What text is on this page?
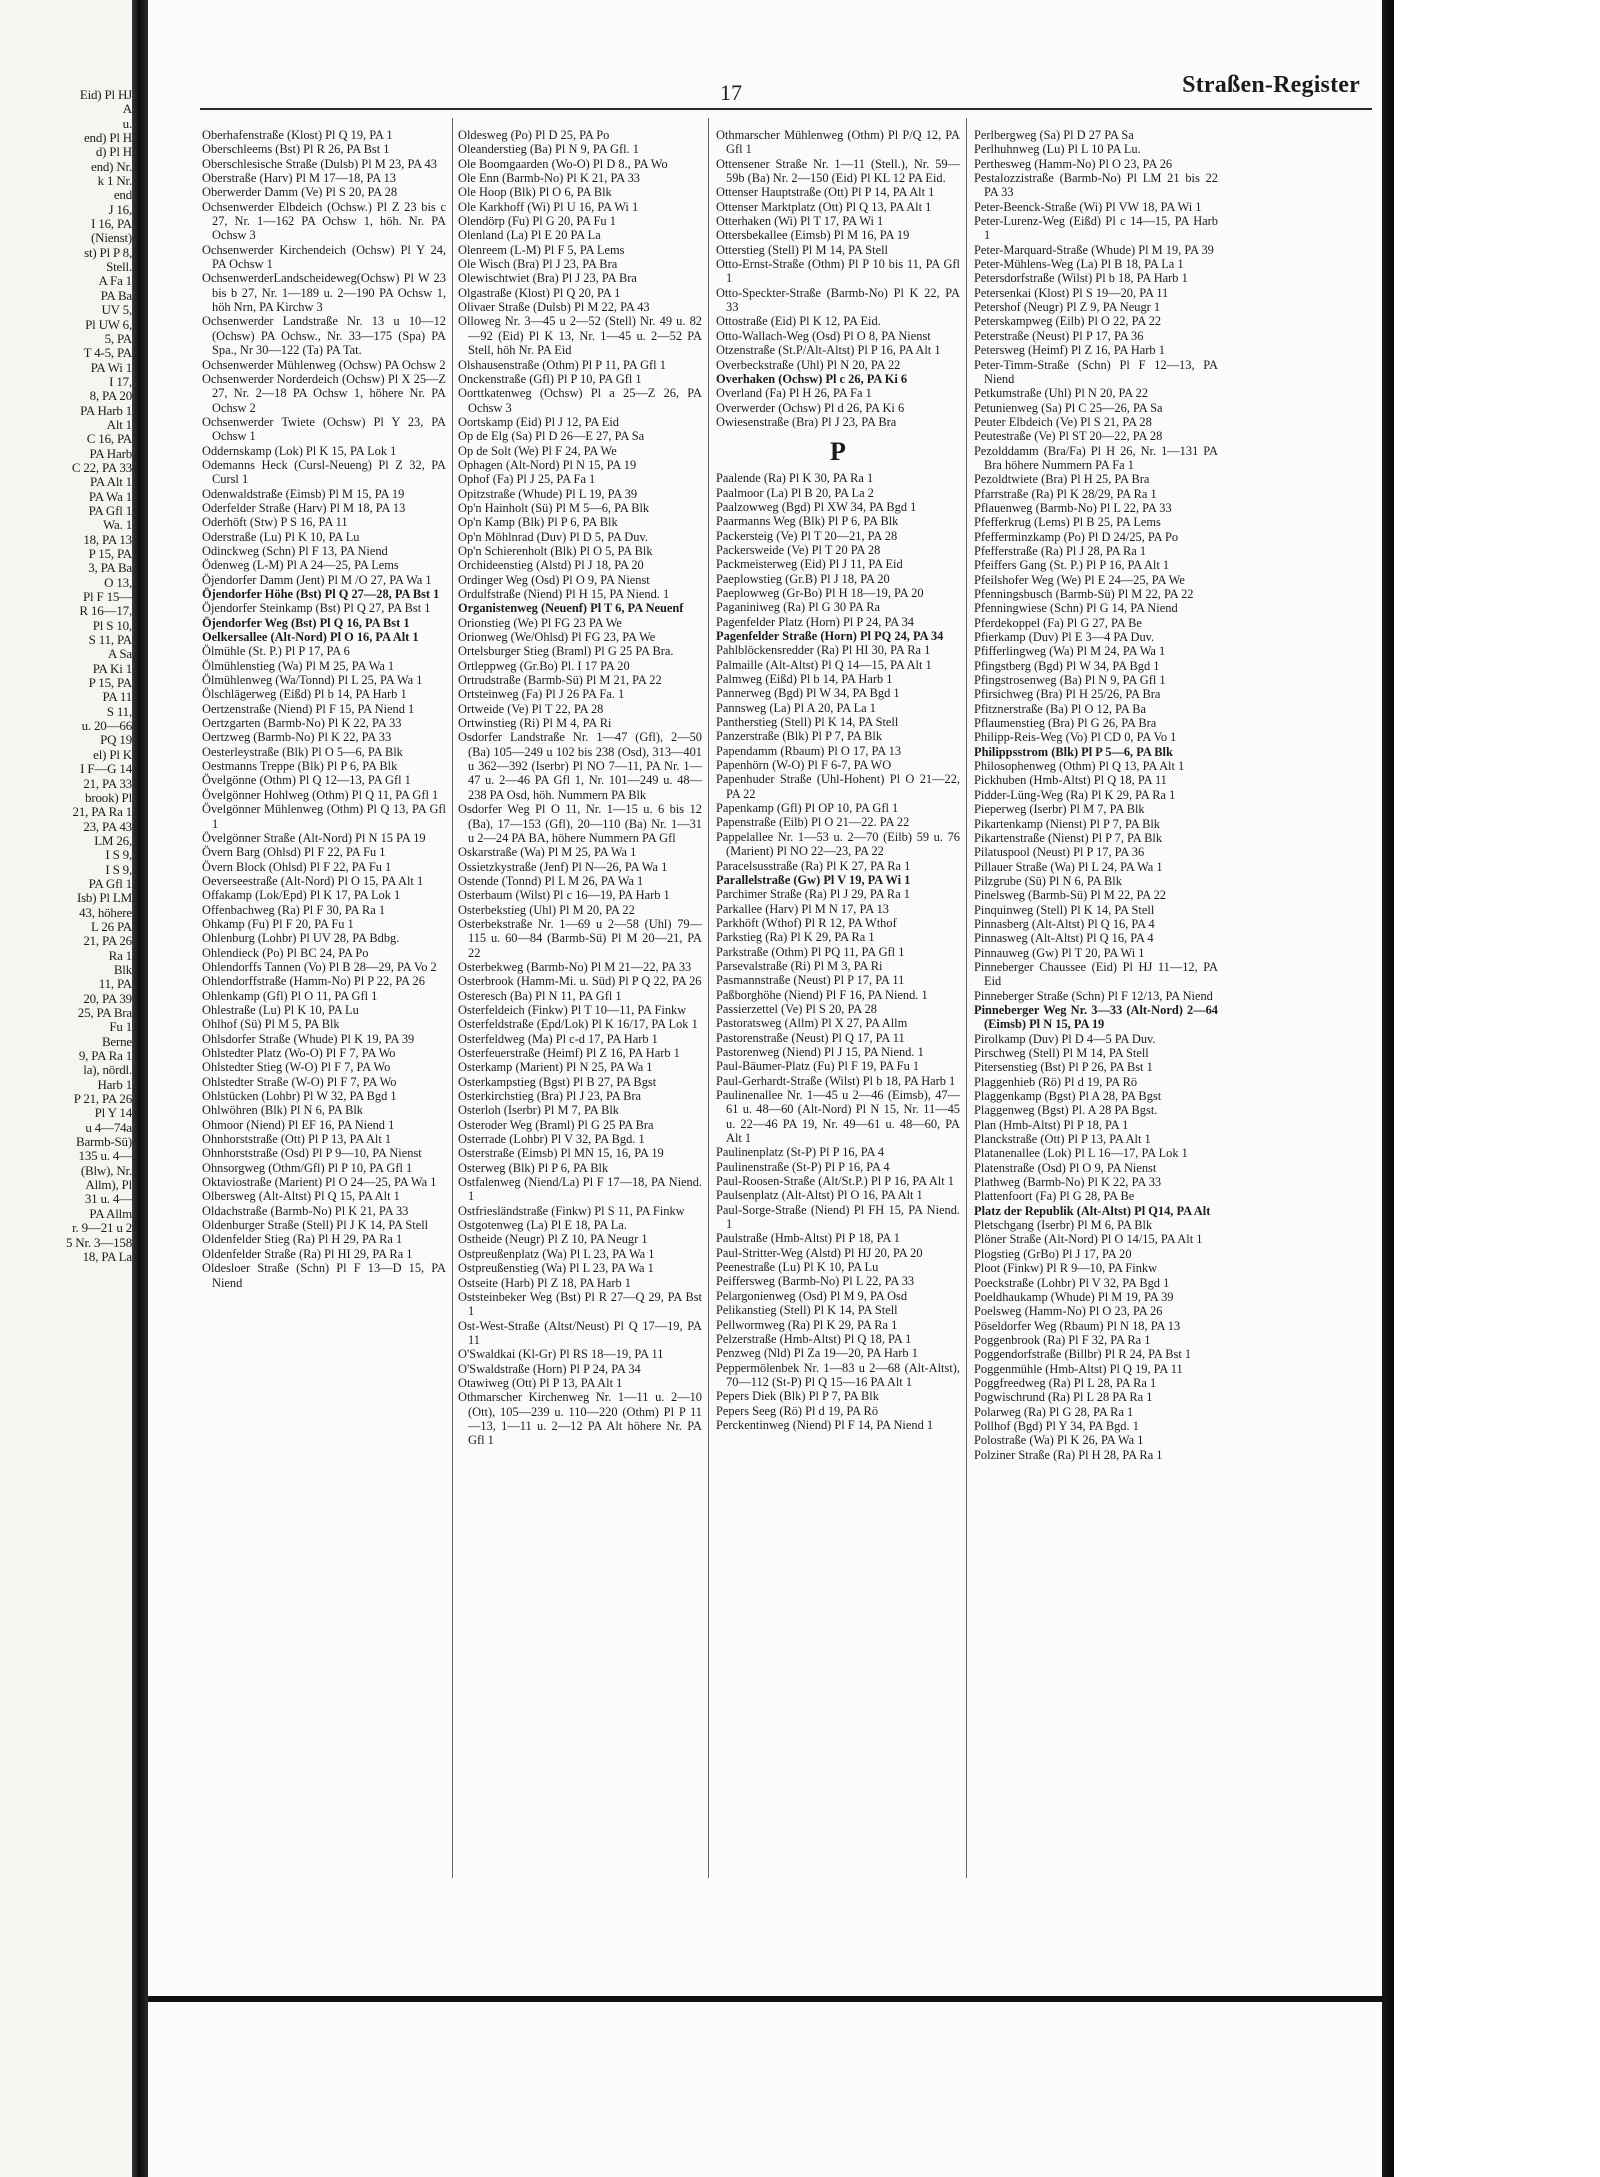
Eid) Pl HJ
A
u.
end) Pl H
d) Pl H
end) Nr.
k 1 Nr.
end
J 16,
I 16, PA
(Nienst)
st) Pl P 8,
Stell.
A Fa 1
PA Ba
UV 5,
Pl UW 6,
5, PA
T 4-5, PA
PA Wi 1
I 17,
8, PA 20
PA Harb 1
Alt 1
C 16, PA
PA Harb
C 22, PA 33
PA Alt 1
PA Wa 1
PA Gfl 1
Wa. 1
18, PA 13
P 15, PA
3, PA Ba
O 13,
Pl F 15—
R 16—17,
Pl S 10,
S 11, PA
A Sa
PA Ki 1
P 15, PA
PA 11
S 11,
u. 20—66
PQ 19
el) Pl K
I F—G 14
21, PA 33
brook) Pl
21, PA Ra 1
23, PA 43
LM 26,
I S 9,
I S 9,
PA Gfl 1
Isb) Pl LM
43, höhere
L 26 PA
21, PA 26
Ra 1
Blk
11, PA
20, PA 39
25, PA Bra
Fu 1
Berne
9, PA Ra 1
la), nördl.
Harb 1
P 21, PA 26
Pl Y 14
u 4—74a
Barmb-Sü)
135 u. 4—
(Blw), Nr.
Allm), Pl
31 u. 4—
PA Allm
r. 9—21 u 2
5 Nr. 3—158
18, PA La
17	Straßen-Register
Oberhafenstraße (Klost) Pl Q 19, PA 1
Oberschleems (Bst) Pl R 26, PA Bst 1
Oberschlesische Straße (Dulsb) Pl M 23, PA 43
Oberstraße (Harv) Pl M 17—18, PA 13
Oberwerder Damm (Ve) Pl S 20, PA 28
Ochsenwerder Elbdeich (Ochsw.) Pl Z 23 bis c 27, Nr. 1—162 PA Ochsw 1, höh. Nr. PA Ochsw 3
Ochsenwerder Kirchendeich (Ochsw) Pl Y 24, PA Ochsw 1
OchsenwerderLandscheideweg(Ochsw) Pl W 23 bis b 27, Nr. 1—189 u. 2—190 PA Ochsw 1, höh Nrn, PA Kirchw 3
Ochsenwerder Landstraße Nr. 13 u 10—12 (Ochsw) PA Ochsw., Nr. 33—175 (Spa) PA Spa., Nr 30—122 (Ta) PA Tat.
Ochsenwerder Mühlenweg (Ochsw) PA Ochsw 2
Ochsenwerder Norderdeich (Ochsw) Pl X 25—Z 27, Nr. 2—18 PA Ochsw 1, höhere Nr. PA Ochsw 2
Ochsenwerder Twiete (Ochsw) Pl Y 23, PA Ochsw 1
Oddernskamp (Lok) Pl K 15, PA Lok 1
Odemanns Heck (Cursl-Neueng) Pl Z 32, PA Cursl 1
Odenwaldstraße (Eimsb) Pl M 15, PA 19
Oderfelder Straße (Harv) Pl M 18, PA 13
Oderhöft (Stw) P S 16, PA 11
Oderstraße (Lu) Pl K 10, PA Lu
Odinckweg (Schn) Pl F 13, PA Niend
Ödenweg (L-M) Pl A 24—25, PA Lems
Öjendorfer Damm (Jent) Pl M /O 27, PA Wa 1
Öjendorfer Höhe (Bst) Pl Q 27—28, PA Bst 1
Öjendorfer Steinkamp (Bst) Pl Q 27, PA Bst 1
Öjendorfer Weg (Bst) Pl Q 16, PA Bst 1
Oelkersallee (Alt-Nord) Pl O 16, PA Alt 1
Ölmühle (St. P.) Pl P 17, PA 6
Ölmühlenstieg (Wa) Pl M 25, PA Wa 1
Ölmühlenweg (Wa/Tonnd) Pl L 25, PA Wa 1
Ölschlägerweg (Eißd) Pl b 14, PA Harb 1
Oertzenstraße (Niend) Pl F 15, PA Niend 1
Oertzgarten (Barmb-No) Pl K 22, PA 33
Oertzweg (Barmb-No) Pl K 22, PA 33
Oesterleystraße (Blk) Pl O 5—6, PA Blk
Oestmanns Treppe (Blk) Pl P 6, PA Blk
Övelgönne (Othm) Pl Q 12—13, PA Gfl 1
Övelgönner Hohlweg (Othm) Pl Q 11, PA Gfl 1
Övelgönner Mühlenweg (Othm) Pl Q 13, PA Gfl 1
Övelgönner Straße (Alt-Nord) Pl N 15 PA 19
Övern Barg (Ohlsd) Pl F 22, PA Fu 1
Övern Block (Ohlsd) Pl F 22, PA Fu 1
Oeverseestraße (Alt-Nord) Pl O 15, PA Alt 1
Offakamp (Lok/Epd) Pl K 17, PA Lok 1
Offenbachweg (Ra) Pl F 30, PA Ra 1
Ohkamp (Fu) Pl F 20, PA Fu 1
Ohlenburg (Lohbr) Pl UV 28, PA Bdbg.
Ohlendieck (Po) Pl BC 24, PA Po
Ohlendorffs Tannen (Vo) Pl B 28—29, PA Vo 2
Ohlendorffstraße (Hamm-No) Pl P 22, PA 26
Ohlenkamp (Gfl) Pl O 11, PA Gfl 1
Ohlestraße (Lu) Pl K 10, PA Lu
Ohlhof (Sü) Pl M 5, PA Blk
Ohlsdorfer Straße (Whude) Pl K 19, PA 39
Ohlstedter Platz (Wo-O) Pl F 7, PA Wo
Ohlstedter Stieg (W-O) Pl F 7, PA Wo
Ohlstedter Straße (W-O) Pl F 7, PA Wo
Ohlstücken (Lohbr) Pl W 32, PA Bgd 1
Ohlwöhren (Blk) Pl N 6, PA Blk
Ohmoor (Niend) Pl EF 16, PA Niend 1
Ohnhorststraße (Ott) Pl P 13, PA Alt 1
Ohnhorststraße (Osd) Pl P 9—10, PA Nienst
Ohnsorgweg (Othm/Gfl) Pl P 10, PA Gfl 1
Oktaviostraße (Marient) Pl O 24—25, PA Wa 1
Olbersweg (Alt-Altst) Pl Q 15, PA Alt 1
Oldachstraße (Barmb-No) Pl K 21, PA 33
Oldenburger Straße (Stell) Pl J K 14, PA Stell
Oldenfelder Stieg (Ra) Pl H 29, PA Ra 1
Oldenfelder Straße (Ra) Pl HI 29, PA Ra 1
Oldesloer Straße (Schn) Pl F 13—D 15, PA Niend
Oldesweg (Po) Pl D 25, PA Po
Oleanderstieg (Ba) Pl N 9, PA Gfl. 1
Ole Boomgaarden (Wo-O) Pl D 8., PA Wo
Ole Enn (Barmb-No) Pl K 21, PA 33
Ole Hoop (Blk) Pl O 6, PA Blk
Ole Karkhoff (Wi) Pl U 16, PA Wi 1
Olendörp (Fu) Pl G 20, PA Fu 1
Olenland (La) Pl E 20 PA La
Olenreem (L-M) Pl F 5, PA Lems
Ole Wisch (Bra) Pl J 23, PA Bra
Olewischtwiet (Bra) Pl J 23, PA Bra
Olgastraße (Klost) Pl Q 20, PA 1
Olivaer Straße (Dulsb) Pl M 22, PA 43
Olloweg Nr. 3—45 u 2—52 (Stell) Nr. 49 u. 82—92 (Eid) Pl K 13, Nr. 1—45 u. 2—52 PA Stell, höh Nr. PA Eid
Olshausenstraße (Othm) Pl P 11, PA Gfl 1
Onckenstraße (Gfl) Pl P 10, PA Gfl 1
Oorttkatenweg (Ochsw) Pl a 25—Z 26, PA Ochsw 3
Oortskamp (Eid) Pl J 12, PA Eid
Op de Elg (Sa) Pl D 26—E 27, PA Sa
Op de Solt (We) Pl F 24, PA We
Ophagen (Alt-Nord) Pl N 15, PA 19
Ophof (Fa) Pl J 25, PA Fa 1
Opitzstraße (Whude) Pl L 19, PA 39
Op'n Hainholt (Sü) Pl M 5—6, PA Blk
Op'n Kamp (Blk) Pl P 6, PA Blk
Op'n Möhlnrad (Duv) Pl D 5, PA Duv.
Op'n Schierenholt (Blk) Pl O 5, PA Blk
Orchideenstieg (Alstd) Pl J 18, PA 20
Ordinger Weg (Osd) Pl O 9, PA Nienst
Ordulfstraße (Niend) Pl H 15, PA Niend. 1
Organistenweg (Neuenf) Pl T 6, PA Neuenf
Orionstieg (We) Pl FG 23 PA We
Orionweg (We/Ohlsd) Pl FG 23, PA We
Ortelsburger Stieg (Braml) Pl G 25 PA Bra.
Ortleppweg (Gr.Bo) Pl. I 17 PA 20
Ortrudstraße (Barmb-Sü) Pl M 21, PA 22
Ortsteinweg (Fa) Pl J 26 PA Fa. 1
Ortweide (Ve) Pl T 22, PA 28
Ortwinstieg (Ri) Pl M 4, PA Ri
Osdorfer Landstraße Nr. 1—47 (Gfl), 2—50 (Ba) 105—249 u 102 bis 238 (Osd), 313—401 u 362—392 (Iserbr) Pl NO 7—11, PA Nr. 1—47 u. 2—46 PA Gfl 1, Nr. 101—249 u. 48—238 PA Osd, höh. Nummern PA Blk
Osdorfer Weg Pl O 11, Nr. 1—15 u. 6 bis 12 (Ba), 17—153 (Gfl), 20—110 (Ba) Nr. 1—31 u 2—24 PA BA, höhere Nummern PA Gfl
Oskarstraße (Wa) Pl M 25, PA Wa 1
Ossietzkystraße (Jenf) Pl N—26, PA Wa 1
Ostende (Tonnd) Pl L M 26, PA Wa 1
Osterbaum (Wilst) Pl c 16—19, PA Harb 1
Osterbekstieg (Uhl) Pl M 20, PA 22
Osterbekstraße Nr. 1—69 u 2—58 (Uhl) 79—115 u. 60—84 (Barmb-Sü) Pl M 20—21, PA 22
Osterbekweg (Barmb-No) Pl M 21—22, PA 33
Osterbrook (Hamm-Mi. u. Süd) Pl P Q 22, PA 26
Osteresch (Ba) Pl N 11, PA Gfl 1
Osterfeldeich (Finkw) Pl T 10—11, PA Finkw
Osterfeldstraße (Epd/Lok) Pl K 16/17, PA Lok 1
Osterfeldweg (Ma) Pl c-d 17, PA Harb 1
Osterfeuerstraße (Heimf) Pl Z 16, PA Harb 1
Osterkamp (Marient) Pl N 25, PA Wa 1
Osterkampstieg (Bgst) Pl B 27, PA Bgst
Osterkirchstieg (Bra) Pl J 23, PA Bra
Osterloh (Iserbr) Pl M 7, PA Blk
Osteroder Weg (Braml) Pl G 25 PA Bra
Osterrade (Lohbr) Pl V 32, PA Bgd. 1
Osterstraße (Eimsb) Pl MN 15, 16, PA 19
Osterweg (Blk) Pl P 6, PA Blk
Ostfalenweg (Niend/La) Pl F 17—18, PA Niend. 1
Ostfriesländstraße (Finkw) Pl S 11, PA Finkw
Ostgotenweg (La) Pl E 18, PA La.
Ostheide (Neugr) Pl Z 10, PA Neugr 1
Ostpreußenplatz (Wa) Pl L 23, PA Wa 1
Ostpreußenstieg (Wa) Pl L 23, PA Wa 1
Ostseite (Harb) Pl Z 18, PA Harb 1
Oststeinbeker Weg (Bst) Pl R 27—Q 29, PA Bst 1
Ost-West-Straße (Altst/Neust) Pl Q 17—19, PA 11
O'Swaldkai (Kl-Gr) Pl RS 18—19, PA 11
O'Swaldstraße (Horn) Pl P 24, PA 34
Otawiweg (Ott) Pl P 13, PA Alt 1
Othmarscher Kirchenweg Nr. 1—11 u. 2—10 (Ott), 105—239 u. 110—220 (Othm) Pl P 11—13, 1—11 u. 2—12 PA Alt höhere Nr. PA Gfl 1
Othmarscher Mühlenweg (Othm) Pl P/Q 12, PA Gfl 1
Ottensener Straße Nr. 1—11 (Stell.), Nr. 59—59b (Ba) Nr. 2—150 (Eid) Pl KL 12 PA Eid.
Ottenser Hauptstraße (Ott) Pl P 14, PA Alt 1
Ottenser Marktplatz (Ott) Pl Q 13, PA Alt 1
Otterhaken (Wi) Pl T 17, PA Wi 1
Ottersbekallee (Eimsb) Pl M 16, PA 19
Otterstieg (Stell) Pl M 14, PA Stell
Otto-Ernst-Straße (Othm) Pl P 10 bis 11, PA Gfl 1
Otto-Speckter-Straße (Barmb-No) Pl K 22, PA 33
Ottostraße (Eid) Pl K 12, PA Eid.
Otto-Wallach-Weg (Osd) Pl O 8, PA Nienst
Otzenstraße (St.P/Alt-Altst) Pl P 16, PA Alt 1
Overbeckstraße (Uhl) Pl N 20, PA 22
Overhaken (Ochsw) Pl c 26, PA Ki 6
Overland (Fa) Pl H 26, PA Fa 1
Overwerder (Ochsw) Pl d 26, PA Ki 6
Owiesenstraße (Bra) Pl J 23, PA Bra
P
Paalende (Ra) Pl K 30, PA Ra 1
Paalmoor (La) Pl B 20, PA La 2
Paalzowweg (Bgd) Pl XW 34, PA Bgd 1
Paarmanns Weg (Blk) Pl P 6, PA Blk
Packersteig (Ve) Pl T 20—21, PA 28
Packersweide (Ve) Pl T 20 PA 28
Packmeisterweg (Eid) Pl J 11, PA Eid
Paeplowstieg (Gr.B) Pl J 18, PA 20
Paeplowweg (Gr-Bo) Pl H 18—19, PA 20
Paganiniweg (Ra) Pl G 30 PA Ra
Pagenfelder Platz (Horn) Pl P 24, PA 34
Pagenfelder Straße (Horn) Pl PQ 24, PA 34
Pahlblöckensredder (Ra) Pl HI 30, PA Ra 1
Palmaille (Alt-Altst) Pl Q 14—15, PA Alt 1
Palmweg (Eißd) Pl b 14, PA Harb 1
Pannerweg (Bgd) Pl W 34, PA Bgd 1
Pannsweg (La) Pl A 20, PA La 1
Pantherstieg (Stell) Pl K 14, PA Stell
Panzerstraße (Blk) Pl P 7, PA Blk
Papendamm (Rbaum) Pl O 17, PA 13
Papenhörn (W-O) Pl F 6-7, PA WO
Papenhuder Straße (Uhl-Hohent) Pl O 21—22, PA 22
Papenkamp (Gfl) Pl OP 10, PA Gfl 1
Papenstraße (Eilb) Pl O 21—22. PA 22
Pappelallee Nr. 1—53 u. 2—70 (Eilb) 59 u. 76 (Marient) Pl NO 22—23, PA 22
Paracelsusstraße (Ra) Pl K 27, PA Ra 1
Parallelstraße (Gw) Pl V 19, PA Wi 1
Parchimer Straße (Ra) Pl J 29, PA Ra 1
Parkallee (Harv) Pl M N 17, PA 13
Parkhöft (Wthof) Pl R 12, PA Wthof
Parkstieg (Ra) Pl K 29, PA Ra 1
Parkstraße (Othm) Pl PQ 11, PA Gfl 1
Parsevalstraße (Ri) Pl M 3, PA Ri
Pasmannstraße (Neust) Pl P 17, PA 11
Paßborghöhe (Niend) Pl F 16, PA Niend. 1
Passierzettel (Ve) Pl S 20, PA 28
Pastoratsweg (Allm) Pl X 27, PA Allm
Pastorenstraße (Neust) Pl Q 17, PA 11
Pastorenweg (Niend) Pl J 15, PA Niend. 1
Paul-Bäumer-Platz (Fu) Pl F 19, PA Fu 1
Paul-Gerhardt-Straße (Wilst) Pl b 18, PA Harb 1
Paulinenallee Nr. 1—45 u 2—46 (Eimsb), 47—61 u. 48—60 (Alt-Nord) Pl N 15, Nr. 11—45 u. 22—46 PA 19, Nr. 49—61 u. 48—60, PA Alt 1
Paulinenplatz (St-P) Pl P 16, PA 4
Paulinenstraße (St-P) Pl P 16, PA 4
Paul-Roosen-Straße (Alt/St.P.) Pl P 16, PA Alt 1
Paulsenplatz (Alt-Altst) Pl O 16, PA Alt 1
Paul-Sorge-Straße (Niend) Pl FH 15, PA Niend. 1
Paulstraße (Hmb-Altst) Pl P 18, PA 1
Paul-Stritter-Weg (Alstd) Pl HJ 20, PA 20
Peenestraße (Lu) Pl K 10, PA Lu
Peiffersweg (Barmb-No) Pl L 22, PA 33
Pelargonienweg (Osd) Pl M 9, PA Osd
Pelikanstieg (Stell) Pl K 14, PA Stell
Pellwormweg (Ra) Pl K 29, PA Ra 1
Pelzerstraße (Hmb-Altst) Pl Q 18, PA 1
Penzweg (Nld) Pl Za 19—20, PA Harb 1
Peppermölenbek Nr. 1—83 u 2—68 (Alt-Altst), 70—112 (St-P) Pl Q 15—16 PA Alt 1
Pepers Diek (Blk) Pl P 7, PA Blk
Pepers Seeg (Rö) Pl d 19, PA Rö
Perckentinweg (Niend) Pl F 14, PA Niend 1
Perlbergweg (Sa) Pl D 27 PA Sa
Perlhuhnweg (Lu) Pl L 10 PA Lu.
Perthesweg (Hamm-No) Pl O 23, PA 26
Pestalozzistraße (Barmb-No) Pl LM 21 bis 22 PA 33
Peter-Beenck-Straße (Wi) Pl VW 18, PA Wi 1
Peter-Lurenz-Weg (Eißd) Pl c 14—15, PA Harb 1
Peter-Marquard-Straße (Whude) Pl M 19, PA 39
Peter-Mühlens-Weg (La) Pl B 18, PA La 1
Petersdorfstraße (Wilst) Pl b 18, PA Harb 1
Petersenkai (Klost) Pl S 19—20, PA 11
Petershof (Neugr) Pl Z 9, PA Neugr 1
Peterskampweg (Eilb) Pl O 22, PA 22
Peterstraße (Neust) Pl P 17, PA 36
Petersweg (Heimf) Pl Z 16, PA Harb 1
Peter-Timm-Straße (Schn) Pl F 12—13, PA Niend
Petkumstraße (Uhl) Pl N 20, PA 22
Petunienweg (Sa) Pl C 25—26, PA Sa
Peuter Elbdeich (Ve) Pl S 21, PA 28
Peutestraße (Ve) Pl ST 20—22, PA 28
Pezolddamm (Bra/Fa) Pl H 26, Nr. 1—131 PA Bra höhere Nummern PA Fa 1
Pezoldtwiete (Bra) Pl H 25, PA Bra
Pfarrstraße (Ra) Pl K 28/29, PA Ra 1
Pflauenweg (Barmb-No) Pl L 22, PA 33
Pfefferkrug (Lems) Pl B 25, PA Lems
Pfefferminzkamp (Po) Pl D 24/25, PA Po
Pfefferstraße (Ra) Pl J 28, PA Ra 1
Pfeiffers Gang (St. P.) Pl P 16, PA Alt 1
Pfeilshofer Weg (We) Pl E 24—25, PA We
Pfenningsbusch (Barmb-Sü) Pl M 22, PA 22
Pfenningwiese (Schn) Pl G 14, PA Niend
Pferdekoppel (Fa) Pl G 27, PA Be
Pfierkamp (Duv) Pl E 3—4 PA Duv.
Pfifferlingweg (Wa) Pl M 24, PA Wa 1
Pfingstberg (Bgd) Pl W 34, PA Bgd 1
Pfingstrosenweg (Ba) Pl N 9, PA Gfl 1
Pfirsichweg (Bra) Pl H 25/26, PA Bra
Pfitznerstraße (Ba) Pl O 12, PA Ba
Pflaumenstieg (Bra) Pl G 26, PA Bra
Philipp-Reis-Weg (Vo) Pl CD 0, PA Vo 1
Philippsstrom (Blk) Pl P 5—6, PA Blk
Philosophenweg (Othm) Pl Q 13, PA Alt 1
Pickhuben (Hmb-Altst) Pl Q 18, PA 11
Pidder-Lüng-Weg (Ra) Pl K 29, PA Ra 1
Pieperweg (Iserbr) Pl M 7, PA Blk
Pikartenkamp (Nienst) Pl P 7, PA Blk
Pikartenstraße (Nienst) Pl P 7, PA Blk
Pilatuspool (Neust) Pl P 17, PA 36
Pillauer Straße (Wa) Pl L 24, PA Wa 1
Pilzgrube (Sü) Pl N 6, PA Blk
Pinelsweg (Barmb-Sü) Pl M 22, PA 22
Pinquinweg (Stell) Pl K 14, PA Stell
Pinnasberg (Alt-Altst) Pl Q 16, PA 4
Pinnasweg (Alt-Altst) Pl Q 16, PA 4
Pinnauweg (Gw) Pl T 20, PA Wi 1
Pinneberger Chaussee (Eid) Pl HJ 11—12, PA Eid
Pinneberger Straße (Schn) Pl F 12/13, PA Niend
Pinneberger Weg Nr. 3—33 (Alt-Nord) 2—64 (Eimsb) Pl N 15, PA 19
Pirolkamp (Duv) Pl D 4—5 PA Duv.
Pirschweg (Stell) Pl M 14, PA Stell
Pitersenstieg (Bst) Pl P 26, PA Bst 1
Plaggenhieb (Rö) Pl d 19, PA Rö
Plaggenkamp (Bgst) Pl A 28, PA Bgst
Plaggenweg (Bgst) Pl. A 28 PA Bgst.
Plan (Hmb-Altst) Pl P 18, PA 1
Planckstraße (Ott) Pl P 13, PA Alt 1
Platanenallee (Lok) Pl L 16—17, PA Lok 1
Platenstraße (Osd) Pl O 9, PA Nienst
Plathweg (Barmb-No) Pl K 22, PA 33
Plattenfoort (Fa) Pl G 28, PA Be
Platz der Republik (Alt-Altst) Pl Q14, PA Alt
Pletschgang (Iserbr) Pl M 6, PA Blk
Plöner Straße (Alt-Nord) Pl O 14/15, PA Alt 1
Plogstieg (GrBo) Pl J 17, PA 20
Ploot (Finkw) Pl R 9—10, PA Finkw
Poeckstraße (Lohbr) Pl V 32, PA Bgd 1
Poeldhaukamp (Whude) Pl M 19, PA 39
Poelsweg (Hamm-No) Pl O 23, PA 26
Pöseldorfer Weg (Rbaum) Pl N 18, PA 13
Poggenbrook (Ra) Pl F 32, PA Ra 1
Poggendorfstraße (Billbr) Pl R 24, PA Bst 1
Poggenmühle (Hmb-Altst) Pl Q 19, PA 11
Poggfreedweg (Ra) Pl L 28, PA Ra 1
Pogwischrund (Ra) Pl L 28 PA Ra 1
Polarweg (Ra) Pl G 28, PA Ra 1
Pollhof (Bgd) Pl Y 34, PA Bgd. 1
Polostraße (Wa) Pl K 26, PA Wa 1
Polziner Straße (Ra) Pl H 28, PA Ra 1
